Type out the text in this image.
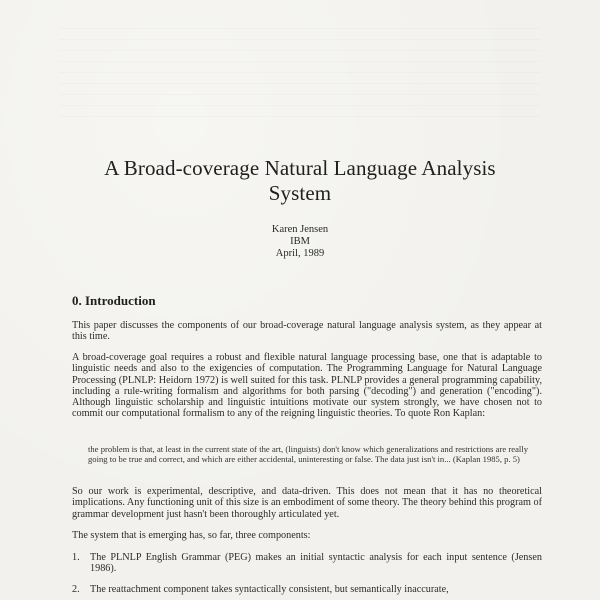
A Broad-coverage Natural Language Analysis
System
Karen Jensen
IBM
April, 1989
0. Introduction
This paper discusses the components of our broad-coverage natural language analysis system, as they appear at this time.
A broad-coverage goal requires a robust and flexible natural language processing base, one that is adaptable to linguistic needs and also to the exigencies of computation. The Programming Language for Natural Language Processing (PLNLP: Heidorn 1972) is well suited for this task. PLNLP provides a general programming capability, including a rule-writing formalism and algorithms for both parsing ("decoding") and generation ("encoding"). Although linguistic scholarship and linguistic intuitions motivate our system strongly, we have chosen not to commit our computational formalism to any of the reigning linguistic theories. To quote Ron Kaplan:
the problem is that, at least in the current state of the art, (linguists) don't know which generalizations and restrictions are really going to be true and correct, and which are either accidental, uninteresting or false. The data just isn't in... (Kaplan 1985, p. 5)
So our work is experimental, descriptive, and data-driven. This does not mean that it has no theoretical implications. Any functioning unit of this size is an embodiment of some theory. The theory behind this program of grammar development just hasn't been thoroughly articulated yet.
The system that is emerging has, so far, three components:
1. The PLNLP English Grammar (PEG) makes an initial syntactic analysis for each input sentence (Jensen 1986).
2. The reattachment component takes syntactically consistent, but semantically inaccurate,
